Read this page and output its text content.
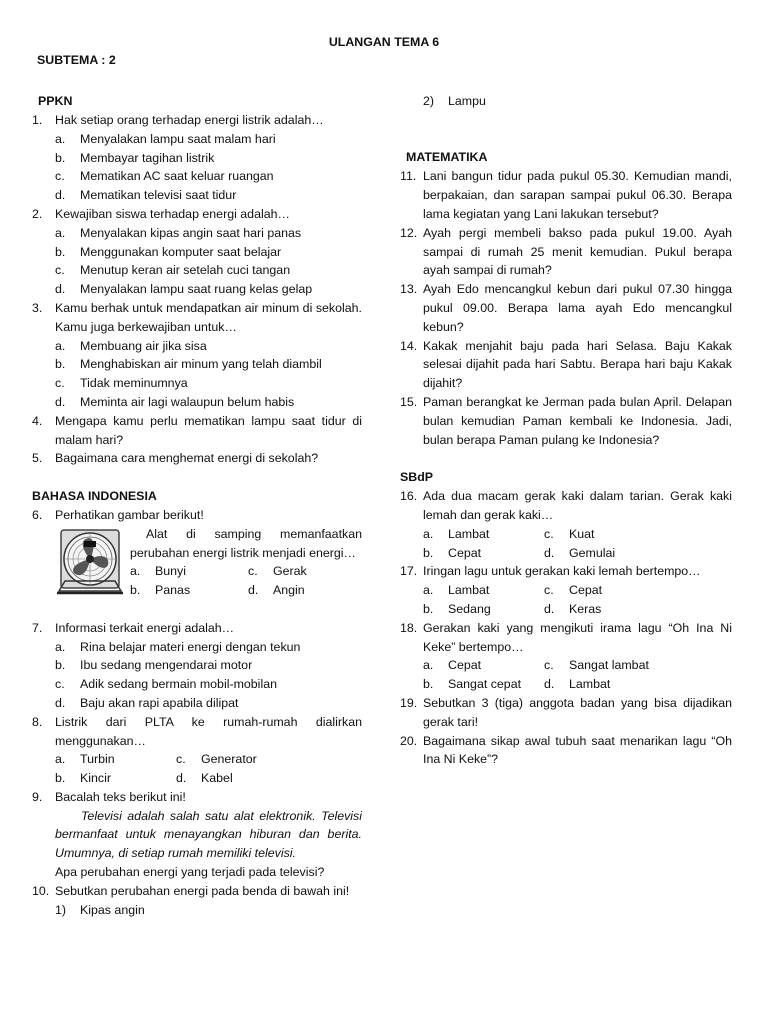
ULANGAN TEMA 6
SUBTEMA : 2
PPKN
1.	Hak setiap orang terhadap energi listrik adalah…
a.	Menyalakan lampu saat malam hari
b.	Membayar tagihan listrik
c.	Mematikan AC saat keluar ruangan
d.	Mematikan televisi saat tidur
2.	Kewajiban siswa terhadap energi adalah…
a.	Menyalakan kipas angin saat hari panas
b.	Menggunakan komputer saat belajar
c.	Menutup keran air setelah cuci tangan
d.	Menyalakan lampu saat ruang kelas gelap
3.	Kamu berhak untuk mendapatkan air minum di sekolah. Kamu juga berkewajiban untuk…
a.	Membuang air jika sisa
b.	Menghabiskan air minum yang telah diambil
c.	Tidak meminumnya
d.	Meminta air lagi walaupun belum habis
4.	Mengapa kamu perlu mematikan lampu saat tidur di malam hari?
5.	Bagaimana cara menghemat energi di sekolah?
BAHASA INDONESIA
6.	Perhatikan gambar berikut!
Alat di samping memanfaatkan perubahan energi listrik menjadi energi…
a.	Bunyi	c.	Gerak
b.	Panas	d.	Angin
7.	Informasi terkait energi adalah…
a.	Rina belajar materi energi dengan tekun
b.	Ibu sedang mengendarai motor
c.	Adik sedang bermain mobil-mobilan
d.	Baju akan rapi apabila dilipat
8.	Listrik dari PLTA ke rumah-rumah dialirkan menggunakan…
a.	Turbin	c.	Generator
b.	Kincir	d.	Kabel
9.	Bacalah teks berikut ini!
Televisi adalah salah satu alat elektronik. Televisi bermanfaat untuk menayangkan hiburan dan berita. Umumnya, di setiap rumah memiliki televisi.
Apa perubahan energi yang terjadi pada televisi?
10. Sebutkan perubahan energi pada benda di bawah ini!
1)	Kipas angin
2)	Lampu
MATEMATIKA
11. Lani bangun tidur pada pukul 05.30. Kemudian mandi, berpakaian, dan sarapan sampai pukul 06.30. Berapa lama kegiatan yang Lani lakukan tersebut?
12. Ayah pergi membeli bakso pada pukul 19.00. Ayah sampai di rumah 25 menit kemudian. Pukul berapa ayah sampai di rumah?
13. Ayah Edo mencangkul kebun dari pukul 07.30 hingga pukul 09.00. Berapa lama ayah Edo mencangkul kebun?
14. Kakak menjahit baju pada hari Selasa. Baju Kakak selesai dijahit pada hari Sabtu. Berapa hari baju Kakak dijahit?
15. Paman berangkat ke Jerman pada bulan April. Delapan bulan kemudian Paman kembali ke Indonesia. Jadi, bulan berapa Paman pulang ke Indonesia?
SBdP
16. Ada dua macam gerak kaki dalam tarian. Gerak kaki lemah dan gerak kaki…
a.	Lambat	c.	Kuat
b.	Cepat	d.	Gemulai
17. Iringan lagu untuk gerakan kaki lemah bertempo…
a.	Lambat	c.	Cepat
b.	Sedang	d.	Keras
18. Gerakan kaki yang mengikuti irama lagu “Oh Ina Ni Keke” bertempo…
a.	Cepat	c.	Sangat lambat
b.	Sangat cepat	d.	Lambat
19. Sebutkan 3 (tiga) anggota badan yang bisa dijadikan gerak tari!
20. Bagaimana sikap awal tubuh saat menarikan lagu “Oh Ina Ni Keke”?
